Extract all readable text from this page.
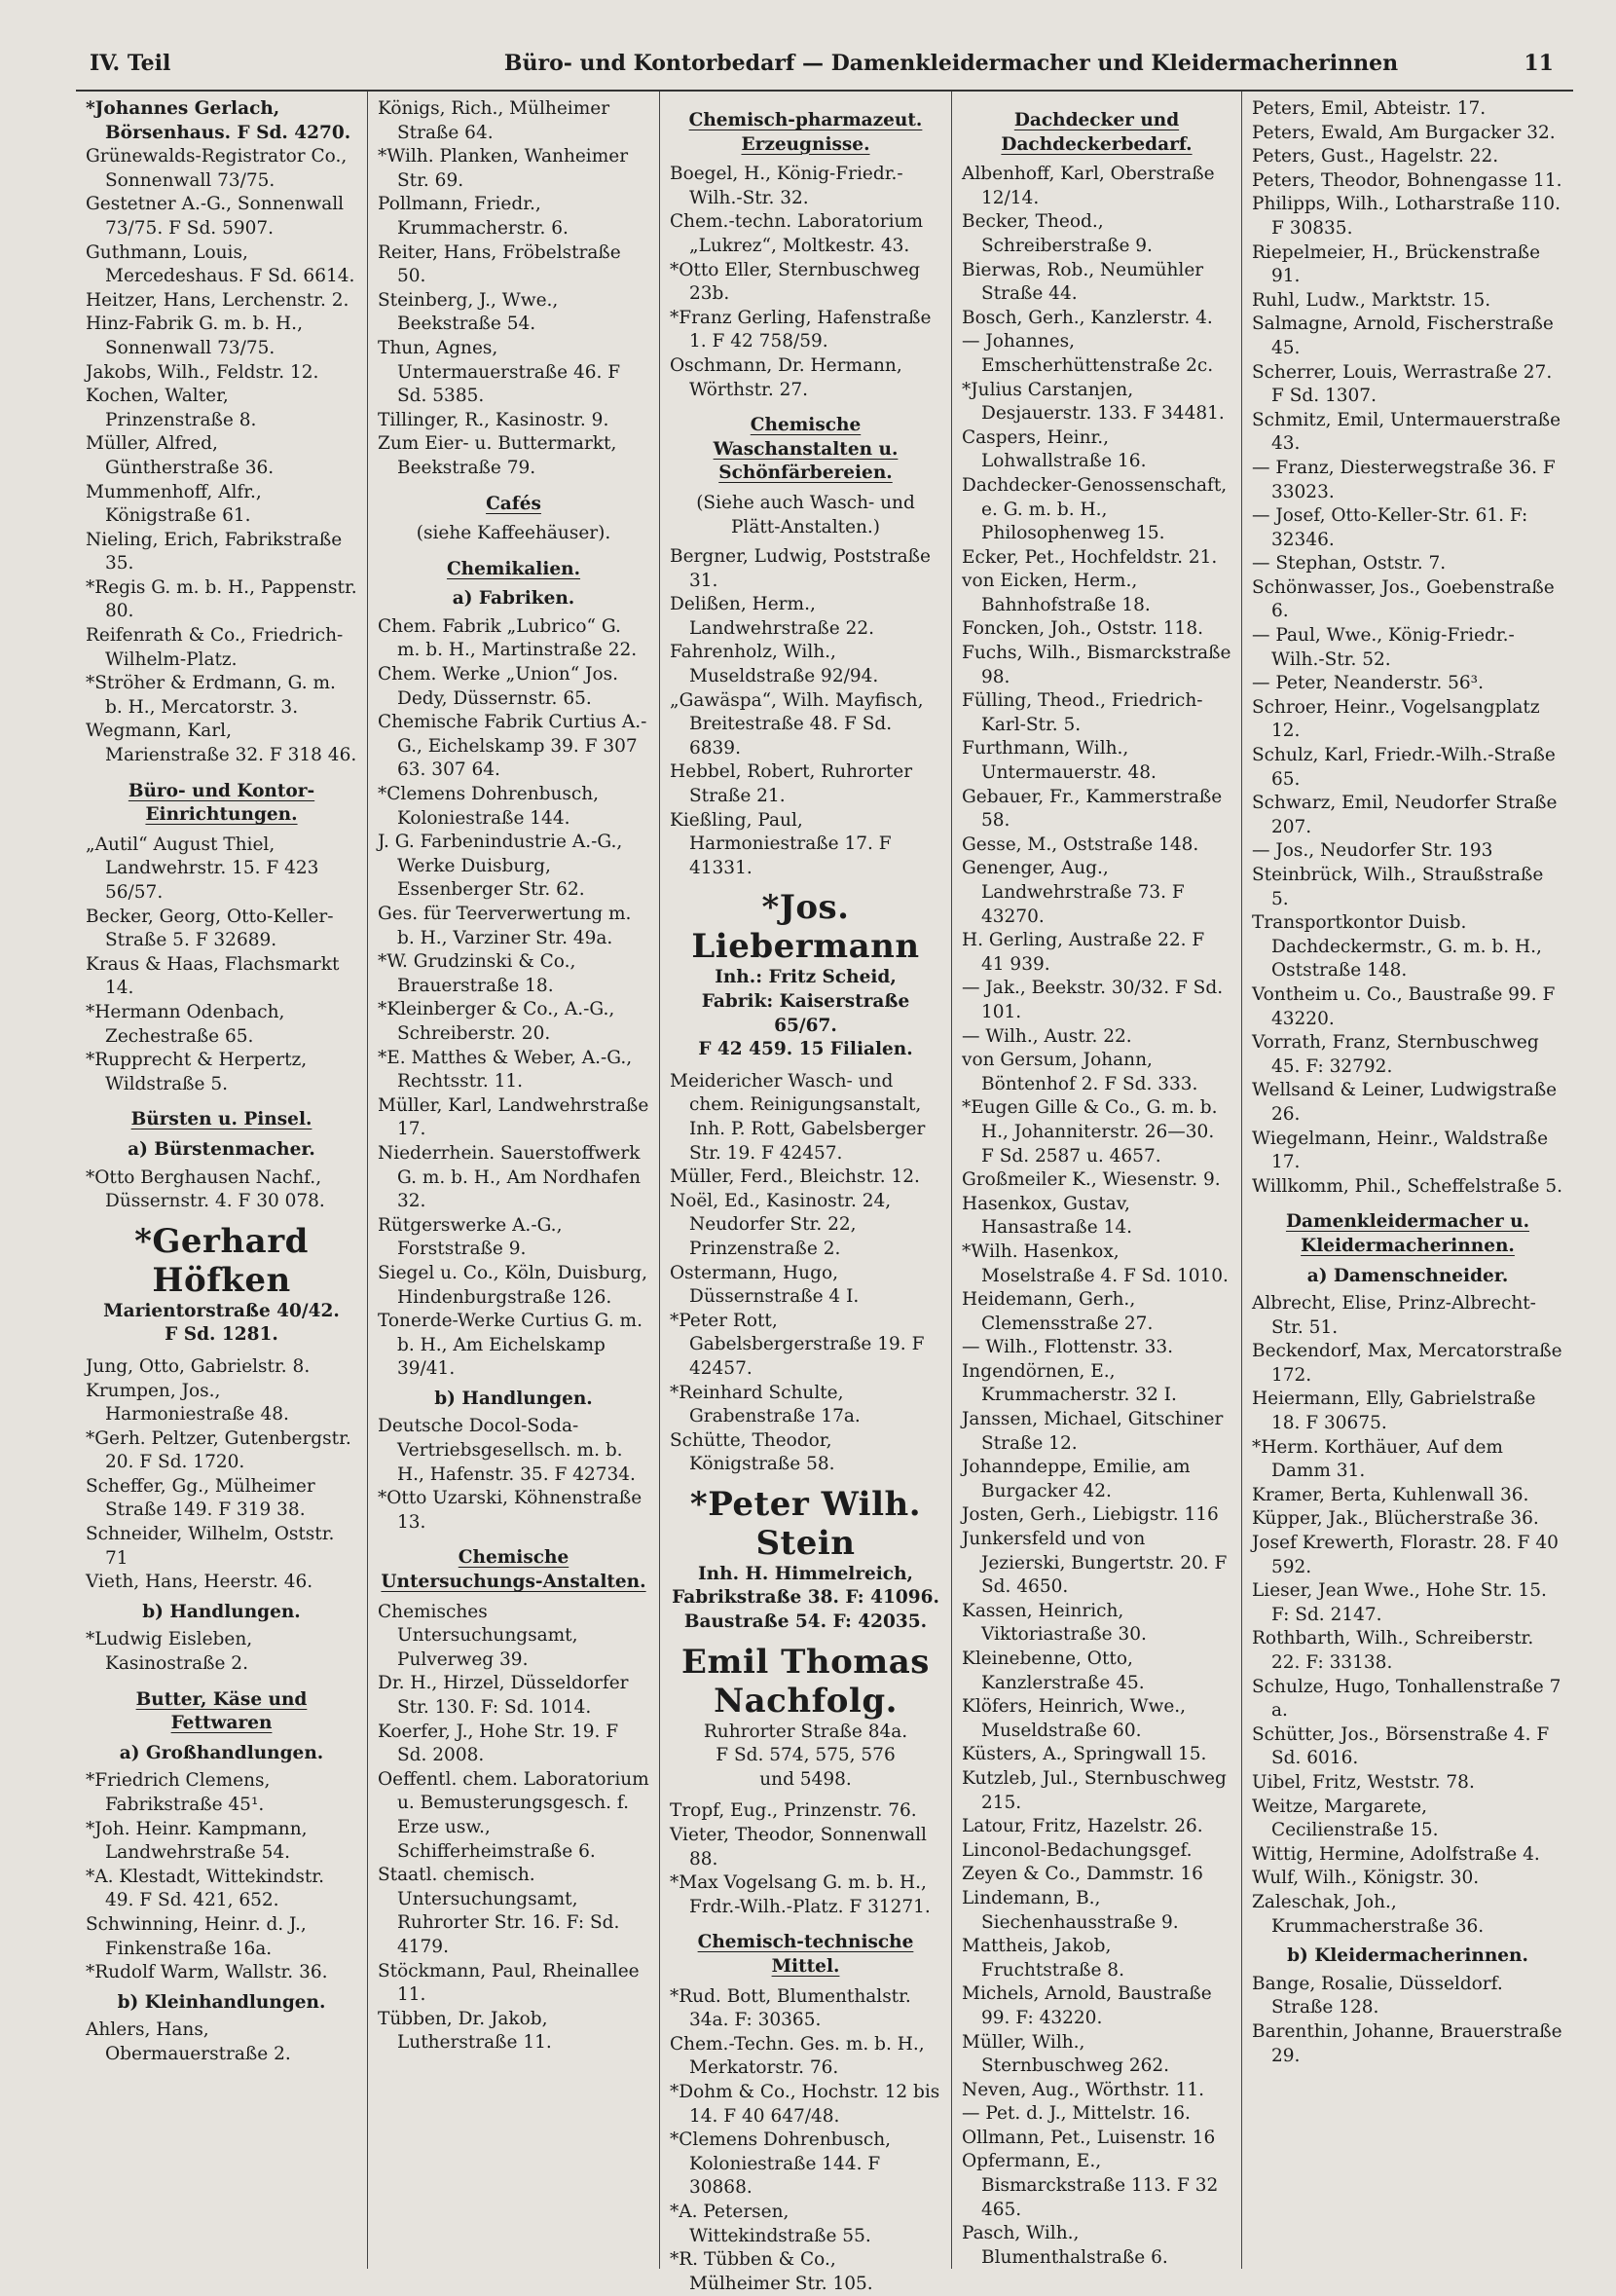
IV. Teil	Büro- und Kontorbedarf — Damenkleidermacher und Kleidermacherinnen	11
*Johannes Gerlach, Börsenhaus. F Sd. 4270.
Grünewalds-Registrator Co., Sonnenwall 73/75.
Gestetner A.-G., Sonnenwall 73/75. F Sd. 5907.
Guthmann, Louis, Mercedeshaus. F Sd. 6614.
Heitzer, Hans, Lerchenstr. 2.
Hinz-Fabrik G. m. b. H., Sonnenwall 73/75.
Jakobs, Wilh., Feldstr. 12.
Kochen, Walter, Prinzenstraße 8.
Müller, Alfred, Güntherstraße 36.
Mummenhoff, Alfr., Königstraße 61.
Nieling, Erich, Fabrikstraße 35.
*Regis G. m. b. H., Pappenstr. 80.
Reifenrath & Co., Friedrich-Wilhelm-Platz.
*Ströher & Erdmann, G. m. b. H., Mercatorstr. 3.
Wegmann, Karl, Marienstraße 32. F 318 46.
Büro- und Kontor-Einrichtungen.
„Autil“ August Thiel, Landwehrstr. 15. F 423 56/57.
Becker, Georg, Otto-Keller-Straße 5. F 32689.
Kraus & Haas, Flachsmarkt 14.
*Hermann Odenbach, Zechestraße 65.
*Rupprecht & Herpertz, Wildstraße 5.
Bürsten u. Pinsel.
a) Bürstenmacher.
*Otto Berghausen Nachf., Düssernstr. 4. F 30 078.
*Gerhard Höfken
Marientorstraße 40/42.
F Sd. 1281.
Jung, Otto, Gabrielstr. 8.
Krumpen, Jos., Harmoniestraße 48.
*Gerh. Peltzer, Gutenbergstr. 20. F Sd. 1720.
Scheffer, Gg., Mülheimer Straße 149. F 319 38.
Schneider, Wilhelm, Oststr. 71
Vieth, Hans, Heerstr. 46.
b) Handlungen.
*Ludwig Eisleben, Kasinostraße 2.
Butter, Käse und Fettwaren
a) Großhandlungen.
*Friedrich Clemens, Fabrikstraße 45¹.
*Joh. Heinr. Kampmann, Landwehrstraße 54.
*A. Klestadt, Wittekindstr. 49. F Sd. 421, 652.
Schwinning, Heinr. d. J., Finkenstraße 16a.
*Rudolf Warm, Wallstr. 36.
b) Kleinhandlungen.
Ahlers, Hans, Obermauerstraße 2.
Königs, Rich., Mülheimer Straße 64.
*Wilh. Planken, Wanheimer Str. 69.
Pollmann, Friedr., Krummacherstr. 6.
Reiter, Hans, Fröbelstraße 50.
Steinberg, J., Wwe., Beekstraße 54.
Thun, Agnes, Untermauerstraße 46. F Sd. 5385.
Tillinger, R., Kasinostr. 9.
Zum Eier- u. Buttermarkt, Beekstraße 79.
Cafés
(siehe Kaffeehäuser).
Chemikalien.
a) Fabriken.
Chem. Fabrik „Lubrico“ G. m. b. H., Martinstraße 22.
Chem. Werke „Union“ Jos. Dedy, Düssernstr. 65.
Chemische Fabrik Curtius A.-G., Eichelskamp 39. F 307 63. 307 64.
*Clemens Dohrenbusch, Koloniestraße 144.
J. G. Farbenindustrie A.-G., Werke Duisburg, Essenberger Str. 62.
Ges. für Teerverwertung m. b. H., Varziner Str. 49a.
*W. Grudzinski & Co., Brauerstraße 18.
*Kleinberger & Co., A.-G., Schreiberstr. 20.
*E. Matthes & Weber, A.-G., Rechtsstr. 11.
Müller, Karl, Landwehrstraße 17.
Niederrhein. Sauerstoffwerk G. m. b. H., Am Nordhafen 32.
Rütgerswerke A.-G., Forststraße 9.
Siegel u. Co., Köln, Duisburg, Hindenburgstraße 126.
Tonerde-Werke Curtius G. m. b. H., Am Eichelskamp 39/41.
b) Handlungen.
Deutsche Docol-Soda-Vertriebsgesellsch. m. b. H., Hafenstr. 35. F 42734.
*Otto Uzarski, Köhnenstraße 13.
Chemische Untersuchungs-Anstalten.
Chemisches Untersuchungsamt, Pulverweg 39.
Dr. H., Hirzel, Düsseldorfer Str. 130. F: Sd. 1014.
Koerfer, J., Hohe Str. 19. F Sd. 2008.
Oeffentl. chem. Laboratorium u. Bemusterungsgesch. f. Erze usw., Schifferheimstraße 6.
Staatl. chemisch. Untersuchungsamt, Ruhrorter Str. 16. F: Sd. 4179.
Stöckmann, Paul, Rheinallee 11.
Tübben, Dr. Jakob, Lutherstraße 11.
Chemisch-pharmazeut. Erzeugnisse.
Boegel, H., König-Friedr.-Wilh.-Str. 32.
Chem.-techn. Laboratorium „Lukrez“, Moltkestr. 43.
*Otto Eller, Sternbuschweg 23b.
*Franz Gerling, Hafenstraße 1. F 42 758/59.
Oschmann, Dr. Hermann, Wörthstr. 27.
Chemische Waschanstalten u. Schönfärbereien.
(Siehe auch Wasch- und Plätt-Anstalten.)
Bergner, Ludwig, Poststraße 31.
Delißen, Herm., Landwehrstraße 22.
Fahrenholz, Wilh., Museldstraße 92/94.
„Gawäspa“, Wilh. Mayfisch, Breitestraße 48. F Sd. 6839.
Hebbel, Robert, Ruhrorter Straße 21.
Kießling, Paul, Harmoniestraße 17. F 41331.
*Jos. Liebermann
Inh.: Fritz Scheid,
Fabrik: Kaiserstraße 65/67.
F 42 459. 15 Filialen.
Meidericher Wasch- und chem. Reinigungsanstalt, Inh. P. Rott, Gabelsberger Str. 19. F 42457.
Müller, Ferd., Bleichstr. 12.
Noël, Ed., Kasinostr. 24, Neudorfer Str. 22, Prinzenstraße 2.
Ostermann, Hugo, Düssernstraße 4 I.
*Peter Rott, Gabelsbergerstraße 19. F 42457.
*Reinhard Schulte, Grabenstraße 17a.
Schütte, Theodor, Königstraße 58.
*Peter Wilh. Stein
Inh. H. Himmelreich,
Fabrikstraße 38. F: 41096.
Baustraße 54. F: 42035.
Emil Thomas Nachfolg.
Ruhrorter Straße 84a.
F Sd. 574, 575, 576
und 5498.
Tropf, Eug., Prinzenstr. 76.
Vieter, Theodor, Sonnenwall 88.
*Max Vogelsang G. m. b. H., Frdr.-Wilh.-Platz. F 31271.
Chemisch-technische Mittel.
*Rud. Bott, Blumenthalstr. 34a. F: 30365.
Chem.-Techn. Ges. m. b. H., Merkatorstr. 76.
*Dohm & Co., Hochstr. 12 bis 14. F 40 647/48.
*Clemens Dohrenbusch, Koloniestraße 144. F 30868.
*A. Petersen, Wittekindstraße 55.
*R. Tübben & Co., Mülheimer Str. 105.
Dachdecker und Dachdeckerbedarf.
Albenhoff, Karl, Oberstraße 12/14.
Becker, Theod., Schreiberstraße 9.
Bierwas, Rob., Neumühler Straße 44.
Bosch, Gerh., Kanzlerstr. 4.
— Johannes, Emscherhüttenstraße 2c.
*Julius Carstanjen, Desjauerstr. 133. F 34481.
Caspers, Heinr., Lohwallstraße 16.
Dachdecker-Genossenschaft, e. G. m. b. H., Philosophenweg 15.
Ecker, Pet., Hochfeldstr. 21.
von Eicken, Herm., Bahnhofstraße 18.
Foncken, Joh., Oststr. 118.
Fuchs, Wilh., Bismarckstraße 98.
Fülling, Theod., Friedrich-Karl-Str. 5.
Furthmann, Wilh., Untermauerstr. 48.
Gebauer, Fr., Kammerstraße 58.
Gesse, M., Oststraße 148.
Genenger, Aug., Landwehrstraße 73. F 43270.
H. Gerling, Austraße 22. F 41 939.
— Jak., Beekstr. 30/32. F Sd. 101.
— Wilh., Austr. 22.
von Gersum, Johann, Böntenhof 2. F Sd. 333.
*Eugen Gille & Co., G. m. b. H., Johanniterstr. 26—30. F Sd. 2587 u. 4657.
Großmeiler K., Wiesenstr. 9.
Hasenkox, Gustav, Hansastraße 14.
*Wilh. Hasenkox, Moselstraße 4. F Sd. 1010.
Heidemann, Gerh., Clemensstraße 27.
— Wilh., Flottenstr. 33.
Ingendörnen, E., Krummacherstr. 32 I.
Janssen, Michael, Gitschiner Straße 12.
Johanndeppe, Emilie, am Burgacker 42.
Josten, Gerh., Liebigstr. 116
Junkersfeld und von Jezierski, Bungertstr. 20. F Sd. 4650.
Kassen, Heinrich, Viktoriastraße 30.
Kleinebenne, Otto, Kanzlerstraße 45.
Klöfers, Heinrich, Wwe., Museldstraße 60.
Küsters, A., Springwall 15.
Kutzleb, Jul., Sternbuschweg 215.
Latour, Fritz, Hazelstr. 26.
Linconol-Bedachungsgef.
Zeyen & Co., Dammstr. 16
Lindemann, B., Siechenhausstraße 9.
Mattheis, Jakob, Fruchtstraße 8.
Michels, Arnold, Baustraße 99. F: 43220.
Müller, Wilh., Sternbuschweg 262.
Neven, Aug., Wörthstr. 11.
— Pet. d. J., Mittelstr. 16.
Ollmann, Pet., Luisenstr. 16
Opfermann, E., Bismarckstraße 113. F 32 465.
Pasch, Wilh., Blumenthalstraße 6.
Peters, Emil, Abteistr. 17.
Peters, Ewald, Am Burgacker 32.
Peters, Gust., Hagelstr. 22.
Peters, Theodor, Bohnengasse 11.
Philipps, Wilh., Lotharstraße 110. F 30835.
Riepelmeier, H., Brückenstraße 91.
Ruhl, Ludw., Marktstr. 15.
Salmagne, Arnold, Fischerstraße 45.
Scherrer, Louis, Werrastraße 27. F Sd. 1307.
Schmitz, Emil, Untermauerstraße 43.
— Franz, Diesterwegstraße 36. F 33023.
— Josef, Otto-Keller-Str. 61. F: 32346.
— Stephan, Oststr. 7.
Schönwasser, Jos., Goebenstraße 6.
— Paul, Wwe., König-Friedr.-Wilh.-Str. 52.
— Peter, Neanderstr. 56³.
Schroer, Heinr., Vogelsangplatz 12.
Schulz, Karl, Friedr.-Wilh.-Straße 65.
Schwarz, Emil, Neudorfer Straße 207.
— Jos., Neudorfer Str. 193
Steinbrück, Wilh., Straußstraße 5.
Transportkontor Duisb. Dachdeckermstr., G. m. b. H., Oststraße 148.
Vontheim u. Co., Baustraße 99. F 43220.
Vorrath, Franz, Sternbuschweg 45. F: 32792.
Wellsand & Leiner, Ludwigstraße 26.
Wiegelmann, Heinr., Waldstraße 17.
Willkomm, Phil., Scheffelstraße 5.
Damenkleidermacher u. Kleidermacherinnen.
a) Damenschneider.
Albrecht, Elise, Prinz-Albrecht-Str. 51.
Beckendorf, Max, Mercatorstraße 172.
Heiermann, Elly, Gabrielstraße 18. F 30675.
*Herm. Korthäuer, Auf dem Damm 31.
Kramer, Berta, Kuhlenwall 36.
Küpper, Jak., Blücherstraße 36.
Josef Krewerth, Florastr. 28. F 40 592.
Lieser, Jean Wwe., Hohe Str. 15. F: Sd. 2147.
Rothbarth, Wilh., Schreiberstr. 22. F: 33138.
Schulze, Hugo, Tonhallenstraße 7 a.
Schütter, Jos., Börsenstraße 4. F Sd. 6016.
Uibel, Fritz, Weststr. 78.
Weitze, Margarete, Cecilienstraße 15.
Wittig, Hermine, Adolfstraße 4.
Wulf, Wilh., Königstr. 30.
Zaleschak, Joh., Krummacherstraße 36.
b) Kleidermacherinnen.
Bange, Rosalie, Düsseldorf. Straße 128.
Barenthin, Johanne, Brauerstraße 29.
